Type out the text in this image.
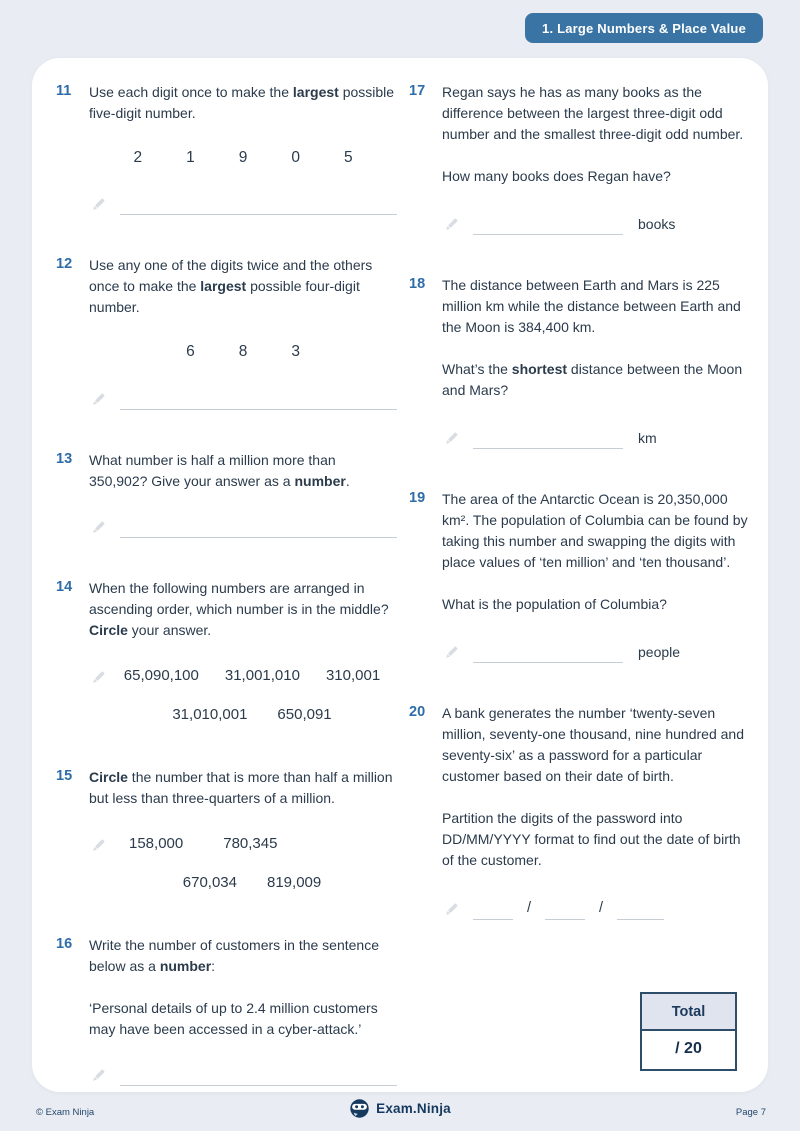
1. Large Numbers & Place Value
11	Use each digit once to make the largest possible five-digit number.

2	1	9	0	5
12	Use any one of the digits twice and the others once to make the largest possible four-digit number.

6	8	3
13	What number is half a million more than 350,902? Give your answer as a number.

14	When the following numbers are arranged in ascending order, which number is in the middle? Circle your answer.

65,090,100 31,001,010 310,001
31,010,001 650,091
15	Circle the number that is more than half a million but less than three-quarters of a million.

158,000	780,345
670,034 819,009
16	Write the number of customers in the sentence below as a number:

‘Personal details of up to 2.4 million customers may have been accessed in a cyber-attack.’

17	Regan says he has as many books as the difference between the largest three-digit odd number and the smallest three-digit odd number.

How many books does Regan have?

books
18	The distance between Earth and Mars is 225 million km while the distance between Earth and the Moon is 384,400 km.

What’s the shortest distance between the Moon and Mars?

km
19	The area of the Antarctic Ocean is 20,350,000 km². The population of Columbia can be found by taking this number and swapping the digits with place values of ‘ten million’ and ‘ten thousand’.

What is the population of Columbia?

people
20	A bank generates the number ‘twenty-seven million, seventy-one thousand, nine hundred and seventy-six’ as a password for a particular customer based on their date of birth.

Partition the digits of the password into DD/MM/YYYY format to find out the date of birth of the customer.

/	/
Total
/ 20
© Exam Ninja	Exam.Ninja	Page 7
